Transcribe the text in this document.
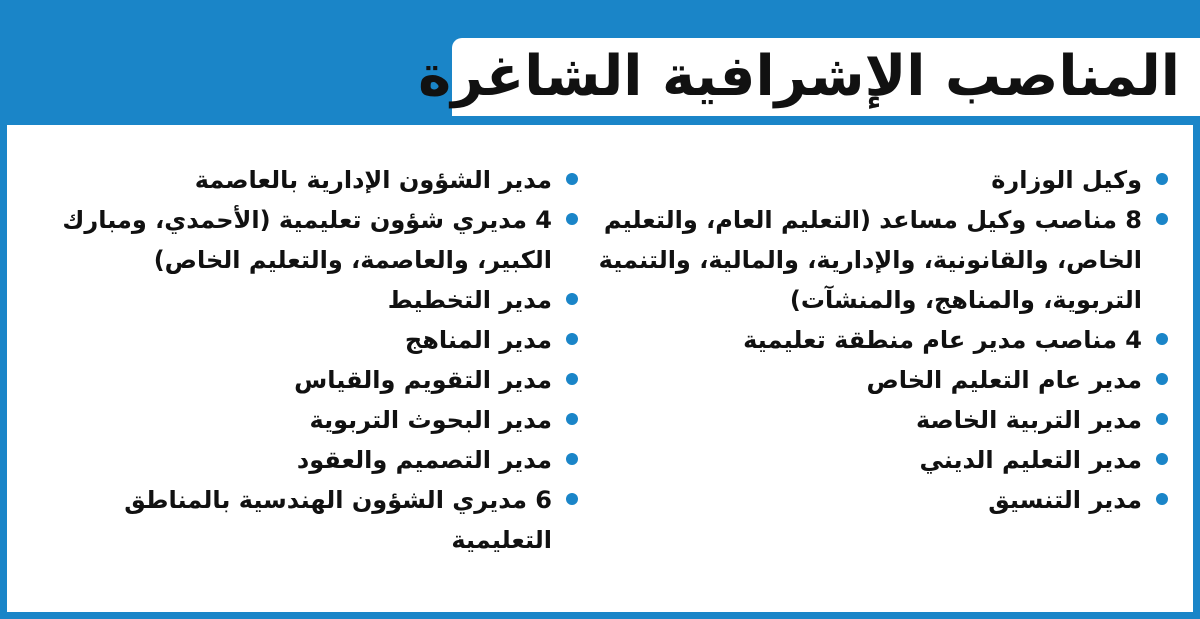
المناصب الإشرافية الشاغرة
وكيل الوزارة
8 مناصب وكيل مساعد (التعليم العام، والتعليم الخاص، والقانونية، والإدارية، والمالية، والتنمية التربوية، والمناهج، والمنشآت)
4 مناصب مدير عام منطقة تعليمية
مدير عام التعليم الخاص
مدير التربية الخاصة
مدير التعليم الديني
مدير التنسيق
مدير الشؤون الإدارية بالعاصمة
4 مديري شؤون تعليمية (الأحمدي، ومبارك الكبير، والعاصمة، والتعليم الخاص)
مدير التخطيط
مدير المناهج
مدير التقويم والقياس
مدير البحوث التربوية
مدير التصميم والعقود
6 مديري الشؤون الهندسية بالمناطق التعليمية
